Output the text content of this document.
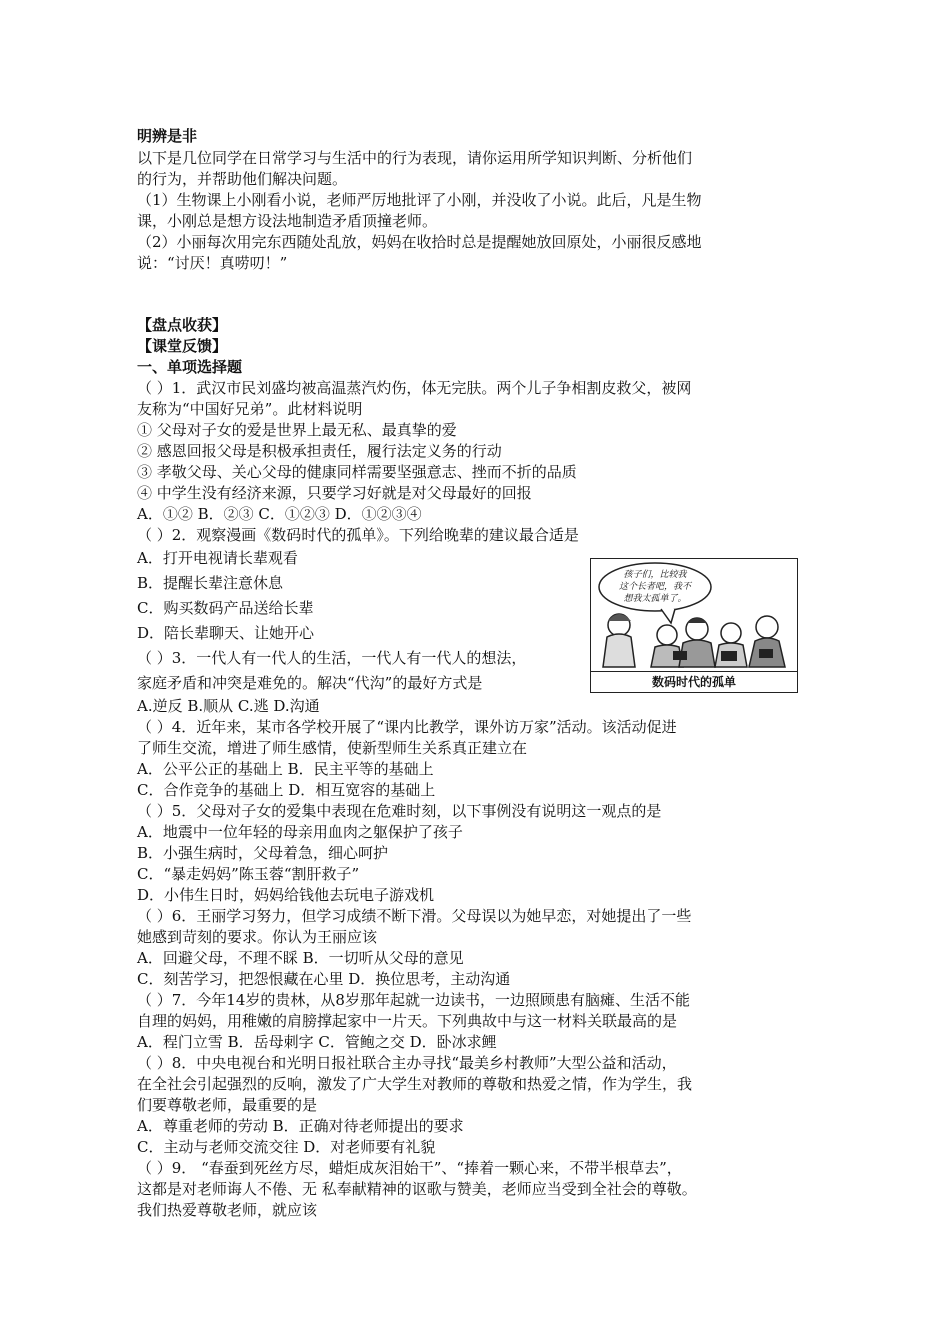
明辨是非
以下是几位同学在日常学习与生活中的行为表现，请你运用所学知识判断、分析他们
的行为，并帮助他们解决问题。
（1）生物课上小刚看小说，老师严厉地批评了小刚，并没收了小说。此后，凡是生物
课，小刚总是想方设法地制造矛盾顶撞老师。
（2）小丽每次用完东西随处乱放，妈妈在收拾时总是提醒她放回原处，小丽很反感地
说：“讨厌！真唠叨！”
【盘点收获】
【课堂反馈】
一、单项选择题
（ ）1．武汉市民刘盛均被高温蒸汽灼伤，体无完肤。两个儿子争相割皮救父，被网
友称为“中国好兄弟”。此材料说明
① 父母对子女的爱是世界上最无私、最真挚的爱
② 感恩回报父母是积极承担责任，履行法定义务的行动
③ 孝敬父母、关心父母的健康同样需要坚强意志、挫而不折的品质
④ 中学生没有经济来源，只要学习好就是对父母最好的回报
A．①② B．②③ C．①②③ D．①②③④
（ ）2．观察漫画《数码时代的孤单》。下列给晚辈的建议最合适是
A．打开电视请长辈观看
B．提醒长辈注意休息
C．购买数码产品送给长辈
D．陪长辈聊天、让她开心
（ ）3．一代人有一代人的生活，一代人有一代人的想法，
家庭矛盾和冲突是难免的。解决“代沟”的最好方式是
A.逆反 B.顺从 C.逃 D.沟通
孩子们，比较我
这个长者吧，我不
想我太孤单了。
数码时代的孤单
（ ）4．近年来，某市各学校开展了“课内比教学，课外访万家”活动。该活动促进
了师生交流，增进了师生感情，使新型师生关系真正建立在
A．公平公正的基础上 B．民主平等的基础上
C．合作竞争的基础上 D．相互宽容的基础上
（ ）5．父母对子女的爱集中表现在危难时刻，以下事例没有说明这一观点的是
A．地震中一位年轻的母亲用血肉之躯保护了孩子
B．小强生病时，父母着急，细心呵护
C．“暴走妈妈”陈玉蓉“割肝救子”
D．小伟生日时，妈妈给钱他去玩电子游戏机
（ ）6．王丽学习努力，但学习成绩不断下滑。父母误以为她早恋，对她提出了一些
她感到苛刻的要求。你认为王丽应该
A．回避父母，不理不睬 B．一切听从父母的意见
C．刻苦学习，把怨恨藏在心里 D．换位思考，主动沟通
（ ）7．今年14岁的贵林，从8岁那年起就一边读书，一边照顾患有脑瘫、生活不能
自理的妈妈，用稚嫩的肩膀撑起家中一片天。下列典故中与这一材料关联最高的是
A．程门立雪 B．岳母刺字 C．管鲍之交 D．卧冰求鲤
（ ）8．中央电视台和光明日报社联合主办寻找“最美乡村教师”大型公益和活动，
在全社会引起强烈的反响，激发了广大学生对教师的尊敬和热爱之情，作为学生，我
们要尊敬老师，最重要的是
A．尊重老师的劳动 B．正确对待老师提出的要求
C．主动与老师交流交往 D．对老师要有礼貌
（ ）9． “春蚕到死丝方尽，蜡炬成灰泪始干”、“捧着一颗心来，不带半根草去”，
这都是对老师诲人不倦、无 私奉献精神的讴歌与赞美，老师应当受到全社会的尊敬。
我们热爱尊敬老师，就应该
